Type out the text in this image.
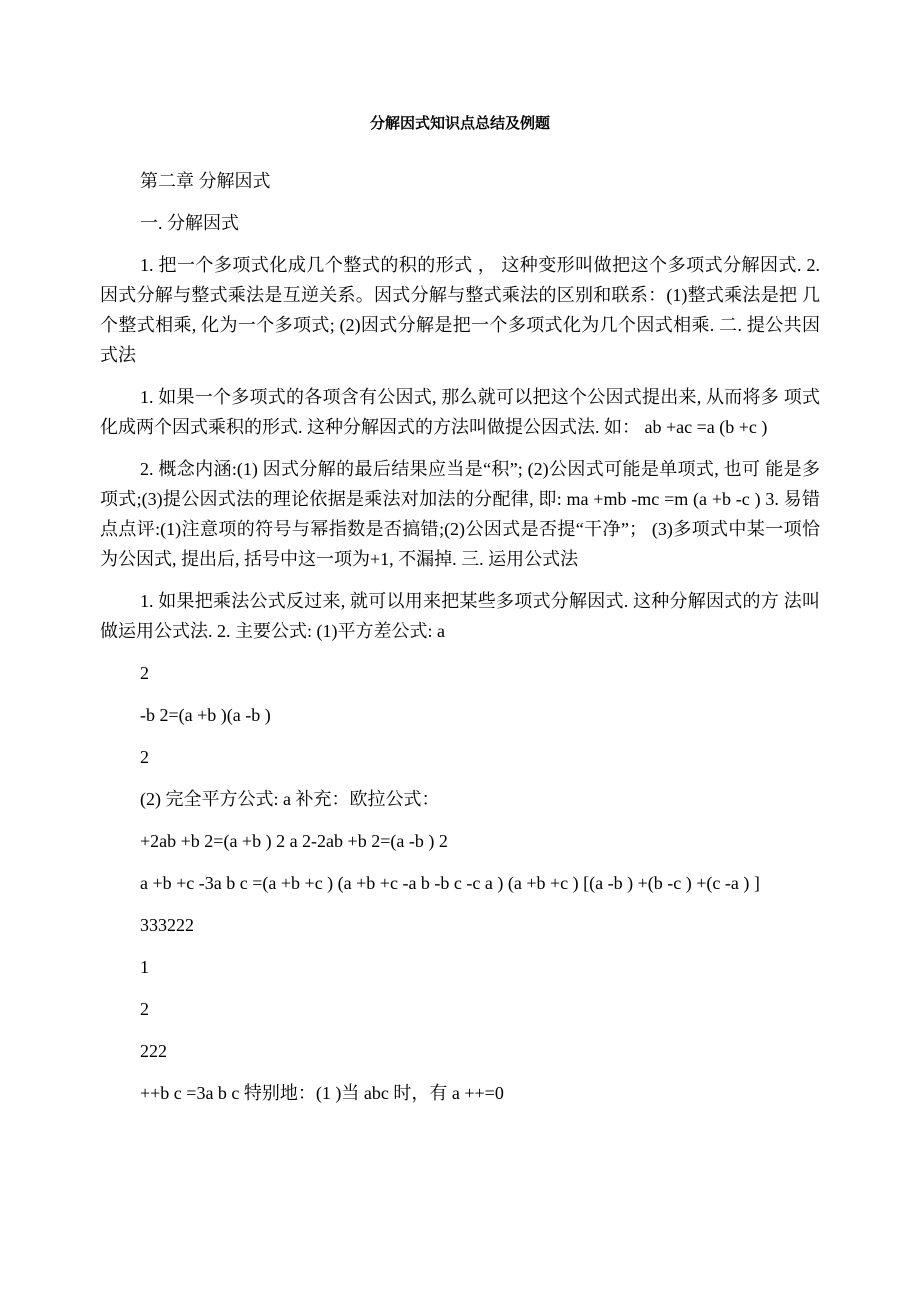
分解因式知识点总结及例题

第二章 分解因式

一. 分解因式

1. 把一个多项式化成几个整式的积的形式 ， 这种变形叫做把这个多项式分解因式. 2. 因式分解与整式乘法是互逆关系。因式分解与整式乘法的区别和联系：(1)整式乘法是把 几个整式相乘, 化为一个多项式; (2)因式分解是把一个多项式化为几个因式相乘. 二. 提公共因式法

1. 如果一个多项式的各项含有公因式, 那么就可以把这个公因式提出来, 从而将多 项式化成两个因式乘积的形式. 这种分解因式的方法叫做提公因式法. 如： ab +ac =a (b +c )

2. 概念内涵:(1) 因式分解的最后结果应当是“积”; (2)公因式可能是单项式, 也可 能是多项式;(3)提公因式法的理论依据是乘法对加法的分配律, 即: ma +mb -mc =m (a +b -c ) 3. 易错点点评:(1)注意项的符号与幂指数是否搞错;(2)公因式是否提“干净”； (3)多项式中某一项恰为公因式, 提出后, 括号中这一项为+1, 不漏掉. 三. 运用公式法

1. 如果把乘法公式反过来, 就可以用来把某些多项式分解因式. 这种分解因式的方 法叫做运用公式法. 2. 主要公式: (1)平方差公式: a

2

-b 2=(a +b )(a -b )

2

(2) 完全平方公式: a 补充：欧拉公式：

+2ab +b 2=(a +b ) 2 a 2-2ab +b 2=(a -b ) 2

a +b +c -3a b c =(a +b +c ) (a +b +c -a b -b c -c a ) (a +b +c ) [(a -b ) +(b -c ) +(c -a ) ]

333222

1

2

222

++b c =3a b c 特别地：(1 )当 abc 时，有 a ++=0
